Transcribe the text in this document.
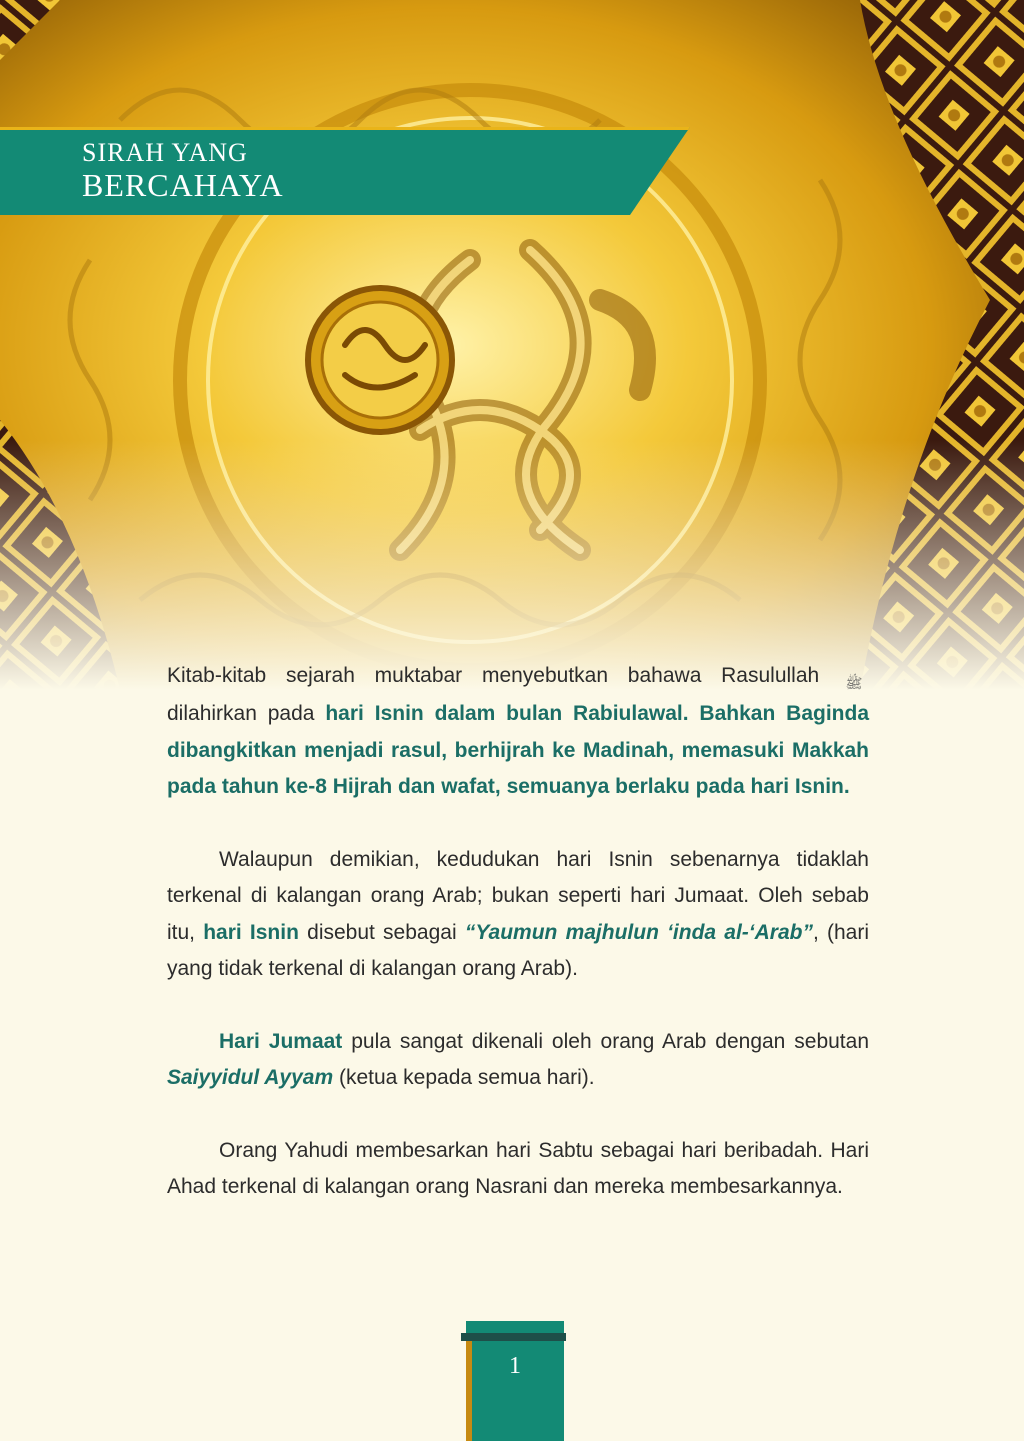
SIRAH YANG
BERCAHAYA

Kitab-kitab sejarah muktabar menyebutkan bahawa Rasulullah ﷺ dilahirkan pada hari Isnin dalam bulan Rabiulawal. Bahkan Baginda dibangkitkan menjadi rasul, berhijrah ke Madinah, memasuki Makkah pada tahun ke-8 Hijrah dan wafat, semuanya berlaku pada hari Isnin.

Walaupun demikian, kedudukan hari Isnin sebenarnya tidaklah terkenal di kalangan orang Arab; bukan seperti hari Jumaat. Oleh sebab itu, hari Isnin disebut sebagai “Yaumun majhulun ‘inda al-‘Arab”, (hari yang tidak terkenal di kalangan orang Arab).

Hari Jumaat pula sangat dikenali oleh orang Arab dengan sebutan Saiyyidul Ayyam (ketua kepada semua hari).

Orang Yahudi membesarkan hari Sabtu sebagai hari beribadah. Hari Ahad terkenal di kalangan orang Nasrani dan mereka membesarkannya.

1
